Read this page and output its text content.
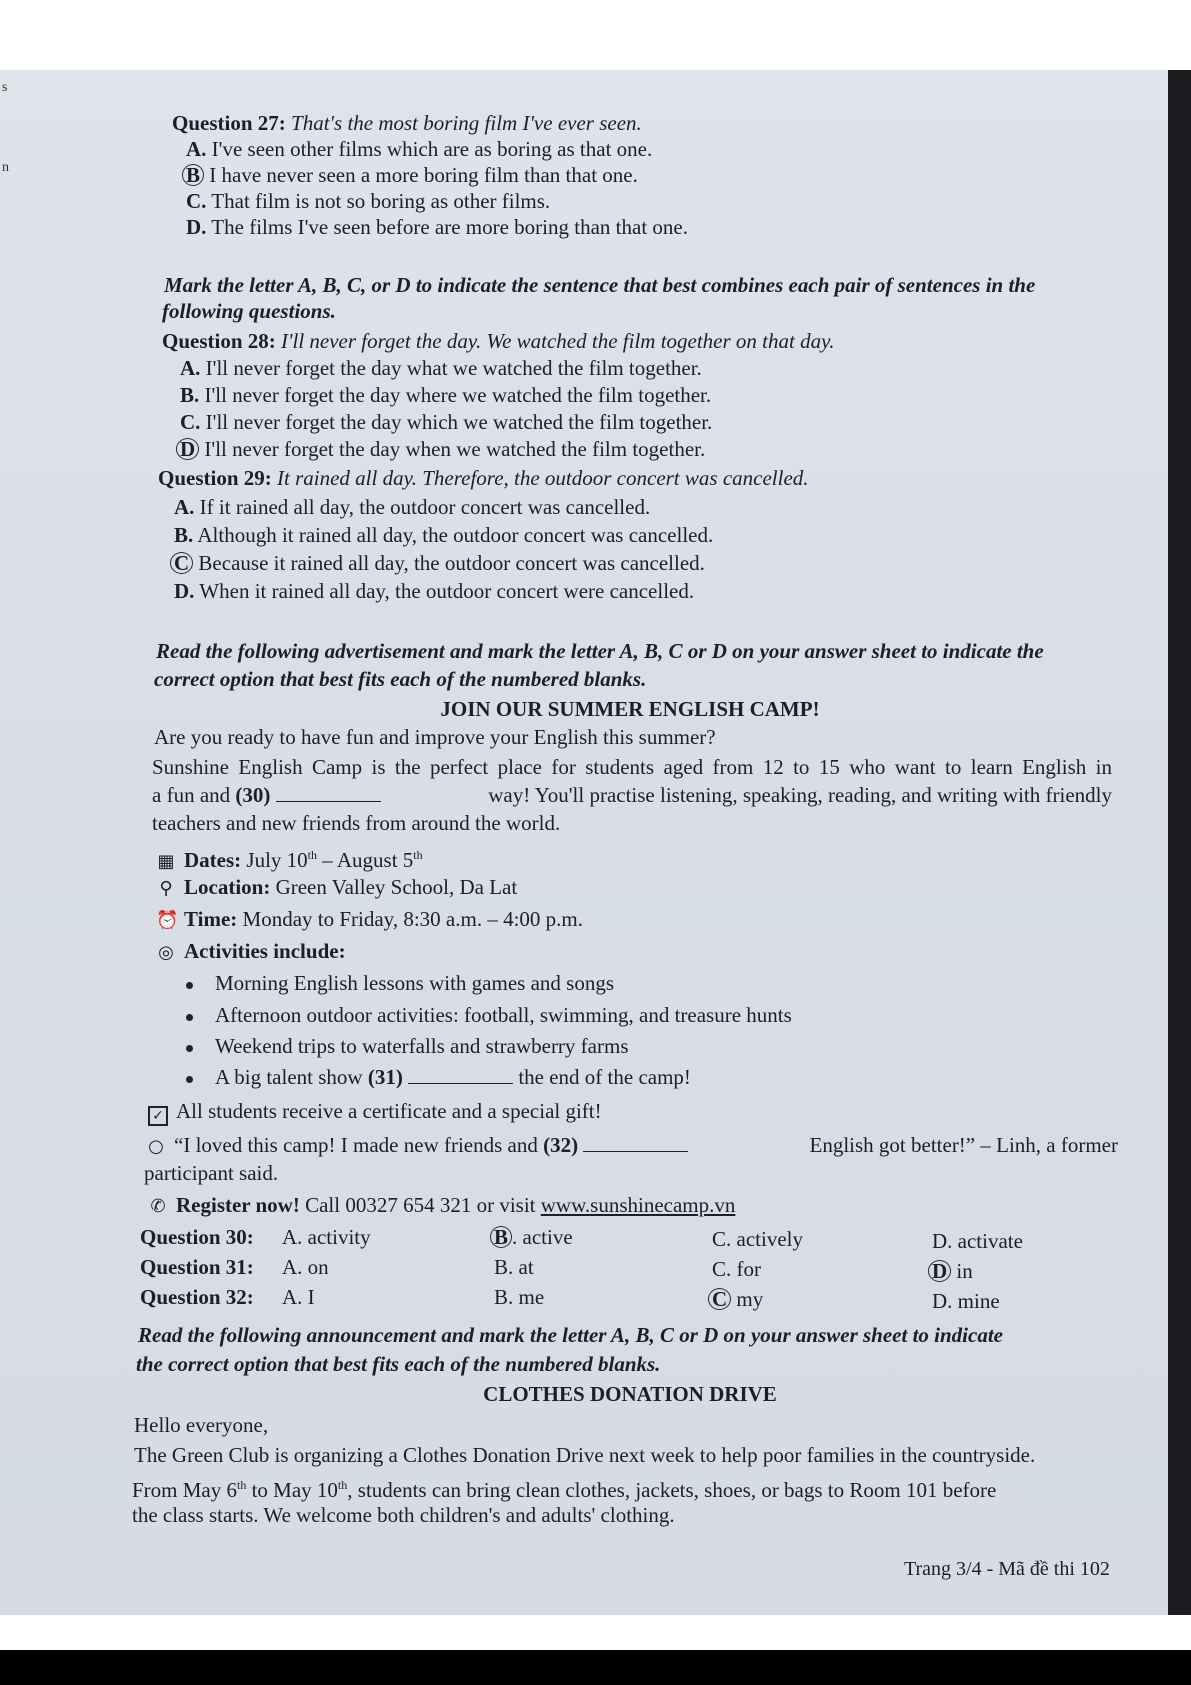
s
n
Question 27: That's the most boring film I've ever seen.
A. I've seen other films which are as boring as that one.
B I have never seen a more boring film than that one.
C. That film is not so boring as other films.
D. The films I've seen before are more boring than that one.
Mark the letter A, B, C, or D to indicate the sentence that best combines each pair of sentences in the
following questions.
Question 28: I'll never forget the day. We watched the film together on that day.
A. I'll never forget the day what we watched the film together.
B. I'll never forget the day where we watched the film together.
C. I'll never forget the day which we watched the film together.
D I'll never forget the day when we watched the film together.
Question 29: It rained all day. Therefore, the outdoor concert was cancelled.
A. If it rained all day, the outdoor concert was cancelled.
B. Although it rained all day, the outdoor concert was cancelled.
C Because it rained all day, the outdoor concert was cancelled.
D. When it rained all day, the outdoor concert were cancelled.
Read the following advertisement and mark the letter A, B, C or D on your answer sheet to indicate the
correct option that best fits each of the numbered blanks.
JOIN OUR SUMMER ENGLISH CAMP!
Are you ready to have fun and improve your English this summer?
Sunshine English Camp is the perfect place for students aged from 12 to 15 who want to learn English in
a fun and (30)	way! You'll practise listening, speaking, reading, and writing with friendly
teachers and new friends from around the world.
▦ Dates: July 10th – August 5th
⚲ Location: Green Valley School, Da Lat
⏰ Time: Monday to Friday, 8:30 a.m. – 4:00 p.m.
◎ Activities include:
Morning English lessons with games and songs
Afternoon outdoor activities: football, swimming, and treasure hunts
Weekend trips to waterfalls and strawberry farms
A big talent show (31)	the end of the camp!
✓ All students receive a certificate and a special gift!
○ “I loved this camp! I made new friends and (32)	English got better!” – Linh, a former
participant said.
✆ Register now! Call 00327 654 321 or visit www.sunshinecamp.vn
Question 30: A. activity	B . active	C. actively	D. activate
Question 31: A. on	B. at	C. for	D in
Question 32: A. I	B. me	C my	D. mine
Read the following announcement and mark the letter A, B, C or D on your answer sheet to indicate
the correct option that best fits each of the numbered blanks.
CLOTHES DONATION DRIVE
Hello everyone,
The Green Club is organizing a Clothes Donation Drive next week to help poor families in the countryside.
From May 6th to May 10th, students can bring clean clothes, jackets, shoes, or bags to Room 101 before
the class starts. We welcome both children's and adults' clothing.
Trang 3/4 - Mã đề thi 102
